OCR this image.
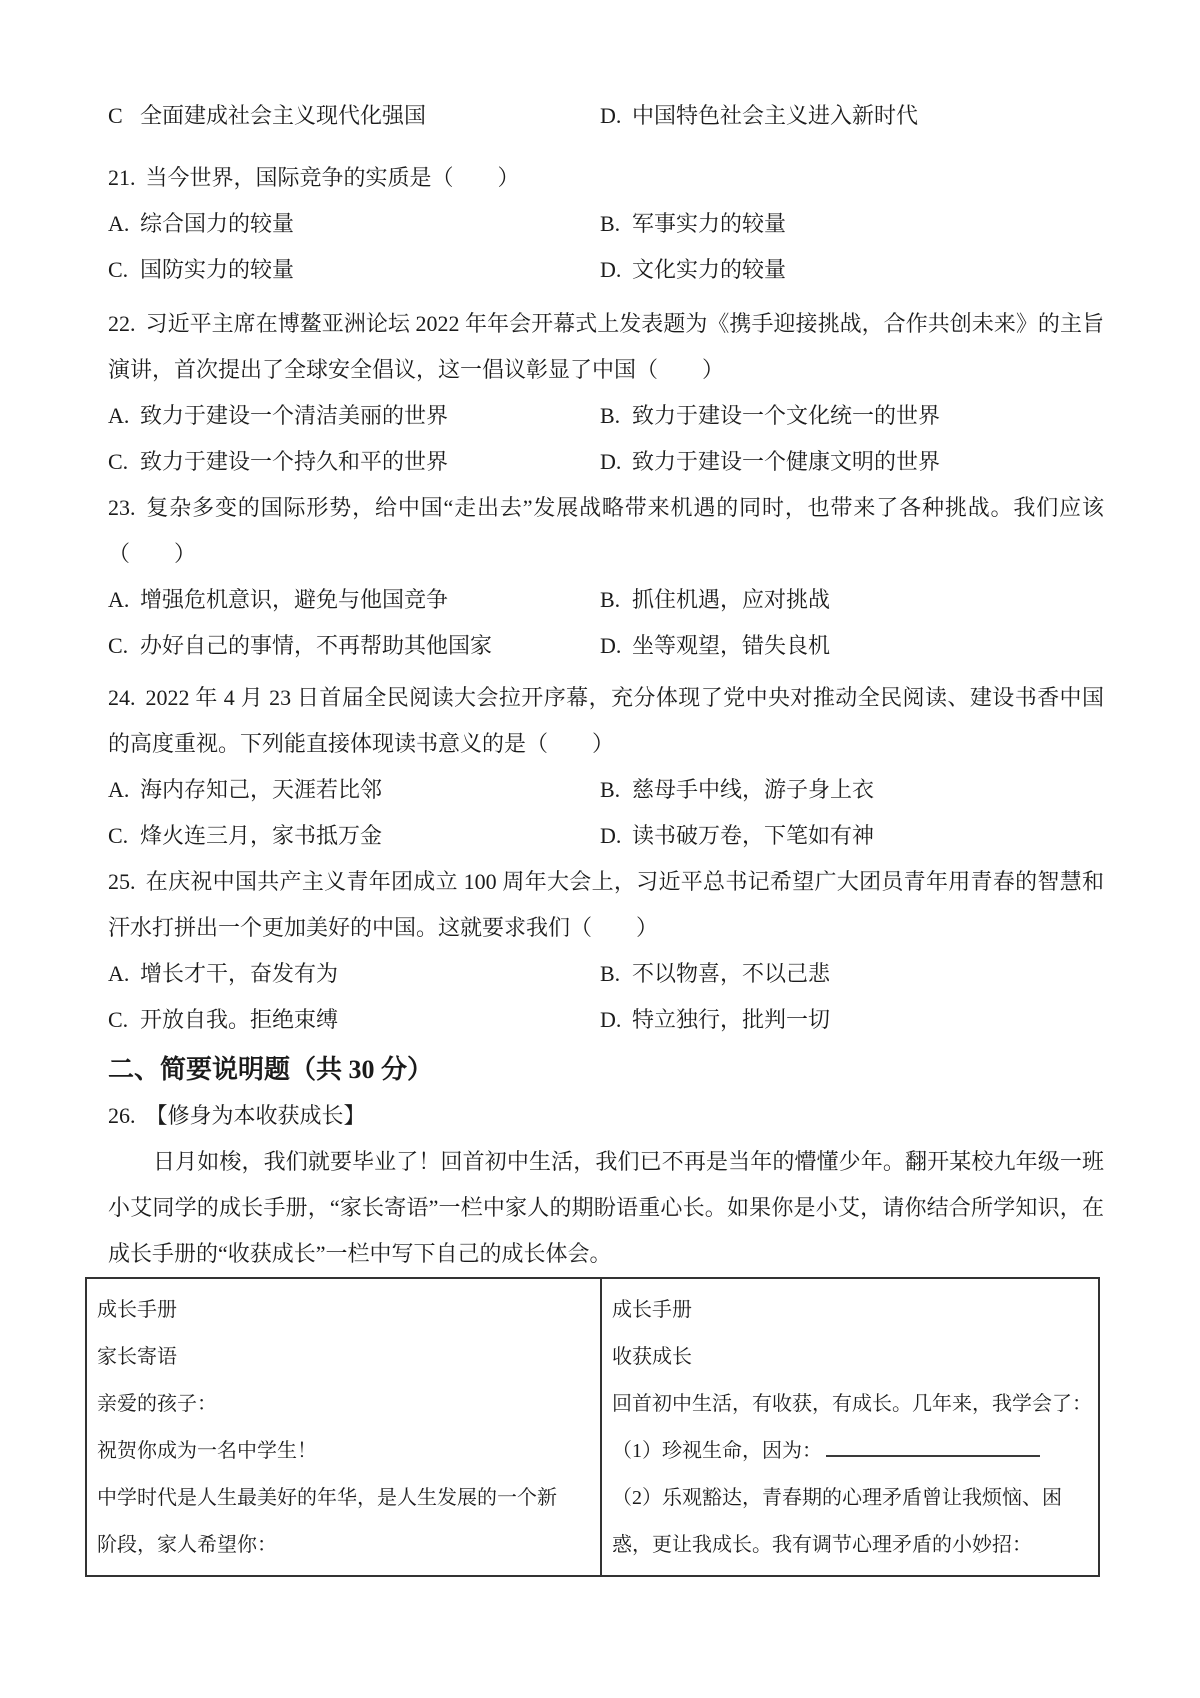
C 全面建成社会主义现代化强国	D. 中国特色社会主义进入新时代

21. 当今世界，国际竞争的实质是（　　）

A. 综合国力的较量	B. 军事实力的较量
C. 国防实力的较量	D. 文化实力的较量

22. 习近平主席在博鳌亚洲论坛 2022 年年会开幕式上发表题为《携手迎接挑战，合作共创未来》的主旨演讲，首次提出了全球安全倡议，这一倡议彰显了中国（　　）

A. 致力于建设一个清洁美丽的世界	B. 致力于建设一个文化统一的世界
C. 致力于建设一个持久和平的世界	D. 致力于建设一个健康文明的世界

23. 复杂多变的国际形势，给中国“走出去”发展战略带来机遇的同时，也带来了各种挑战。我们应该（　　）

A. 增强危机意识，避免与他国竞争	B. 抓住机遇，应对挑战
C. 办好自己的事情，不再帮助其他国家	D. 坐等观望，错失良机

24. 2022 年 4 月 23 日首届全民阅读大会拉开序幕，充分体现了党中央对推动全民阅读、建设书香中国的高度重视。下列能直接体现读书意义的是（　　）

A. 海内存知己，天涯若比邻	B. 慈母手中线，游子身上衣
C. 烽火连三月，家书抵万金	D. 读书破万卷，下笔如有神

25. 在庆祝中国共产主义青年团成立 100 周年大会上，习近平总书记希望广大团员青年用青春的智慧和汗水打拼出一个更加美好的中国。这就要求我们（　　）

A. 增长才干，奋发有为	B. 不以物喜，不以己悲
C. 开放自我。拒绝束缚	D. 特立独行，批判一切
二、简要说明题（共 30 分）

26. 【修身为本收获成长】

日月如梭，我们就要毕业了！回首初中生活，我们已不再是当年的懵懂少年。翻开某校九年级一班小艾同学的成长手册，“家长寄语”一栏中家人的期盼语重心长。如果你是小艾，请你结合所学知识，在成长手册的“收获成长”一栏中写下自己的成长体会。

成长手册
家长寄语
亲爱的孩子：
祝贺你成为一名中学生！
中学时代是人生最美好的年华，是人生发展的一个新
阶段，家人希望你：
成长手册
收获成长
回首初中生活，有收获，有成长。几年来，我学会了：
（1）珍视生命，因为：
（2）乐观豁达，青春期的心理矛盾曾让我烦恼、困
惑，更让我成长。我有调节心理矛盾的小妙招：
